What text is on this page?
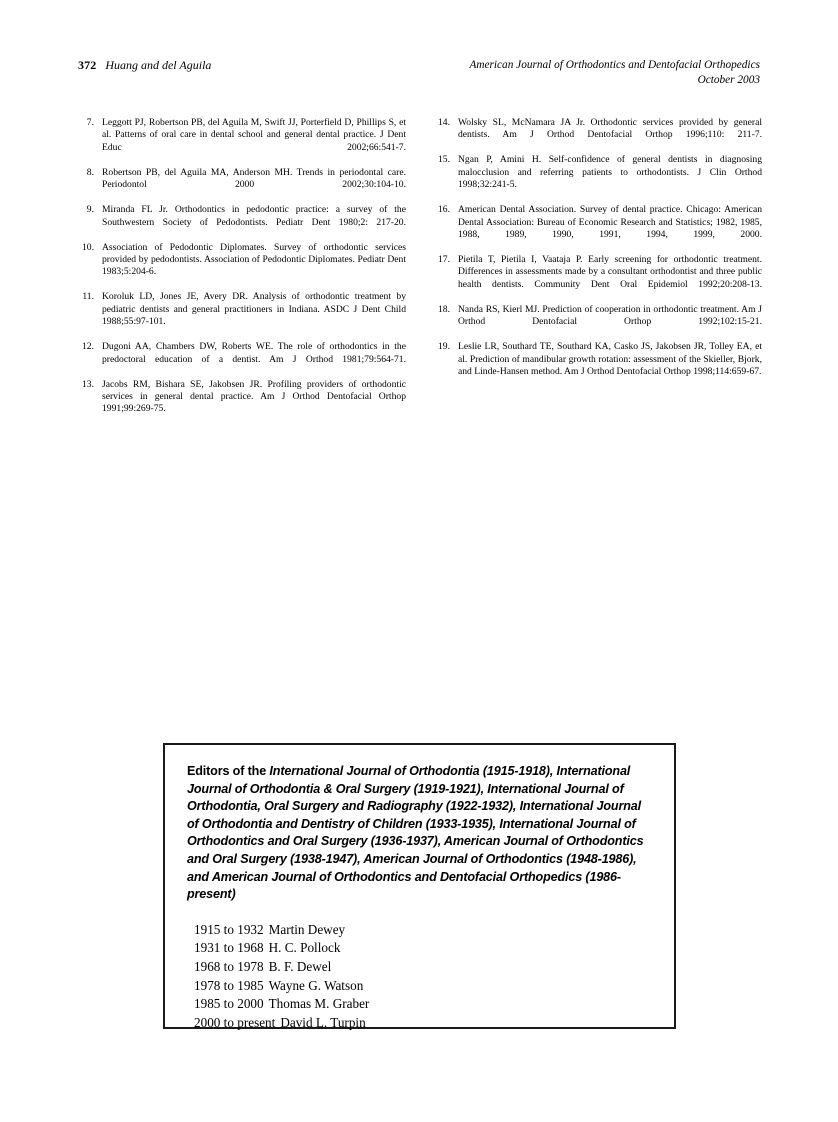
372 Huang and del Aguila	American Journal of Orthodontics and Dentofacial Orthopedics
October 2003
7. Leggott PJ, Robertson PB, del Aguila M, Swift JJ, Porterfield D, Phillips S, et al. Patterns of oral care in dental school and general dental practice. J Dent Educ 2002;66:541-7.
8. Robertson PB, del Aguila MA, Anderson MH. Trends in periodontal care. Periodontol 2000 2002;30:104-10.
9. Miranda FL Jr. Orthodontics in pedodontic practice: a survey of the Southwestern Society of Pedodontists. Pediatr Dent 1980;2: 217-20.
10. Association of Pedodontic Diplomates. Survey of orthodontic services provided by pedodontists. Association of Pedodontic Diplomates. Pediatr Dent 1983;5:204-6.
11. Koroluk LD, Jones JE, Avery DR. Analysis of orthodontic treatment by pediatric dentists and general practitioners in Indiana. ASDC J Dent Child 1988;55:97-101.
12. Dugoni AA, Chambers DW, Roberts WE. The role of orthodontics in the predoctoral education of a dentist. Am J Orthod 1981;79:564-71.
13. Jacobs RM, Bishara SE, Jakobsen JR. Profiling providers of orthodontic services in general dental practice. Am J Orthod Dentofacial Orthop 1991;99:269-75.
14. Wolsky SL, McNamara JA Jr. Orthodontic services provided by general dentists. Am J Orthod Dentofacial Orthop 1996;110: 211-7.
15. Ngan P, Amini H. Self-confidence of general dentists in diagnosing malocclusion and referring patients to orthodontists. J Clin Orthod 1998;32:241-5.
16. American Dental Association. Survey of dental practice. Chicago: American Dental Association: Bureau of Economic Research and Statistics; 1982, 1985, 1988, 1989, 1990, 1991, 1994, 1999, 2000.
17. Pietila T, Pietila I, Vaataja P. Early screening for orthodontic treatment. Differences in assessments made by a consultant orthodontist and three public health dentists. Community Dent Oral Epidemiol 1992;20:208-13.
18. Nanda RS, Kierl MJ. Prediction of cooperation in orthodontic treatment. Am J Orthod Dentofacial Orthop 1992;102:15-21.
19. Leslie LR, Southard TE, Southard KA, Casko JS, Jakobsen JR, Tolley EA, et al. Prediction of mandibular growth rotation: assessment of the Skieller, Bjork, and Linde-Hansen method. Am J Orthod Dentofacial Orthop 1998;114:659-67.

Editors of the International Journal of Orthodontia (1915-1918), International Journal of Orthodontia & Oral Surgery (1919-1921), International Journal of Orthodontia, Oral Surgery and Radiography (1922-1932), International Journal of Orthodontia and Dentistry of Children (1933-1935), International Journal of Orthodontics and Oral Surgery (1936-1937), American Journal of Orthodontics and Oral Surgery (1938-1947), American Journal of Orthodontics (1948-1986), and American Journal of Orthodontics and Dentofacial Orthopedics (1986-present)

1915 to 1932 Martin Dewey
1931 to 1968 H. C. Pollock
1968 to 1978 B. F. Dewel
1978 to 1985 Wayne G. Watson
1985 to 2000 Thomas M. Graber
2000 to present David L. Turpin
